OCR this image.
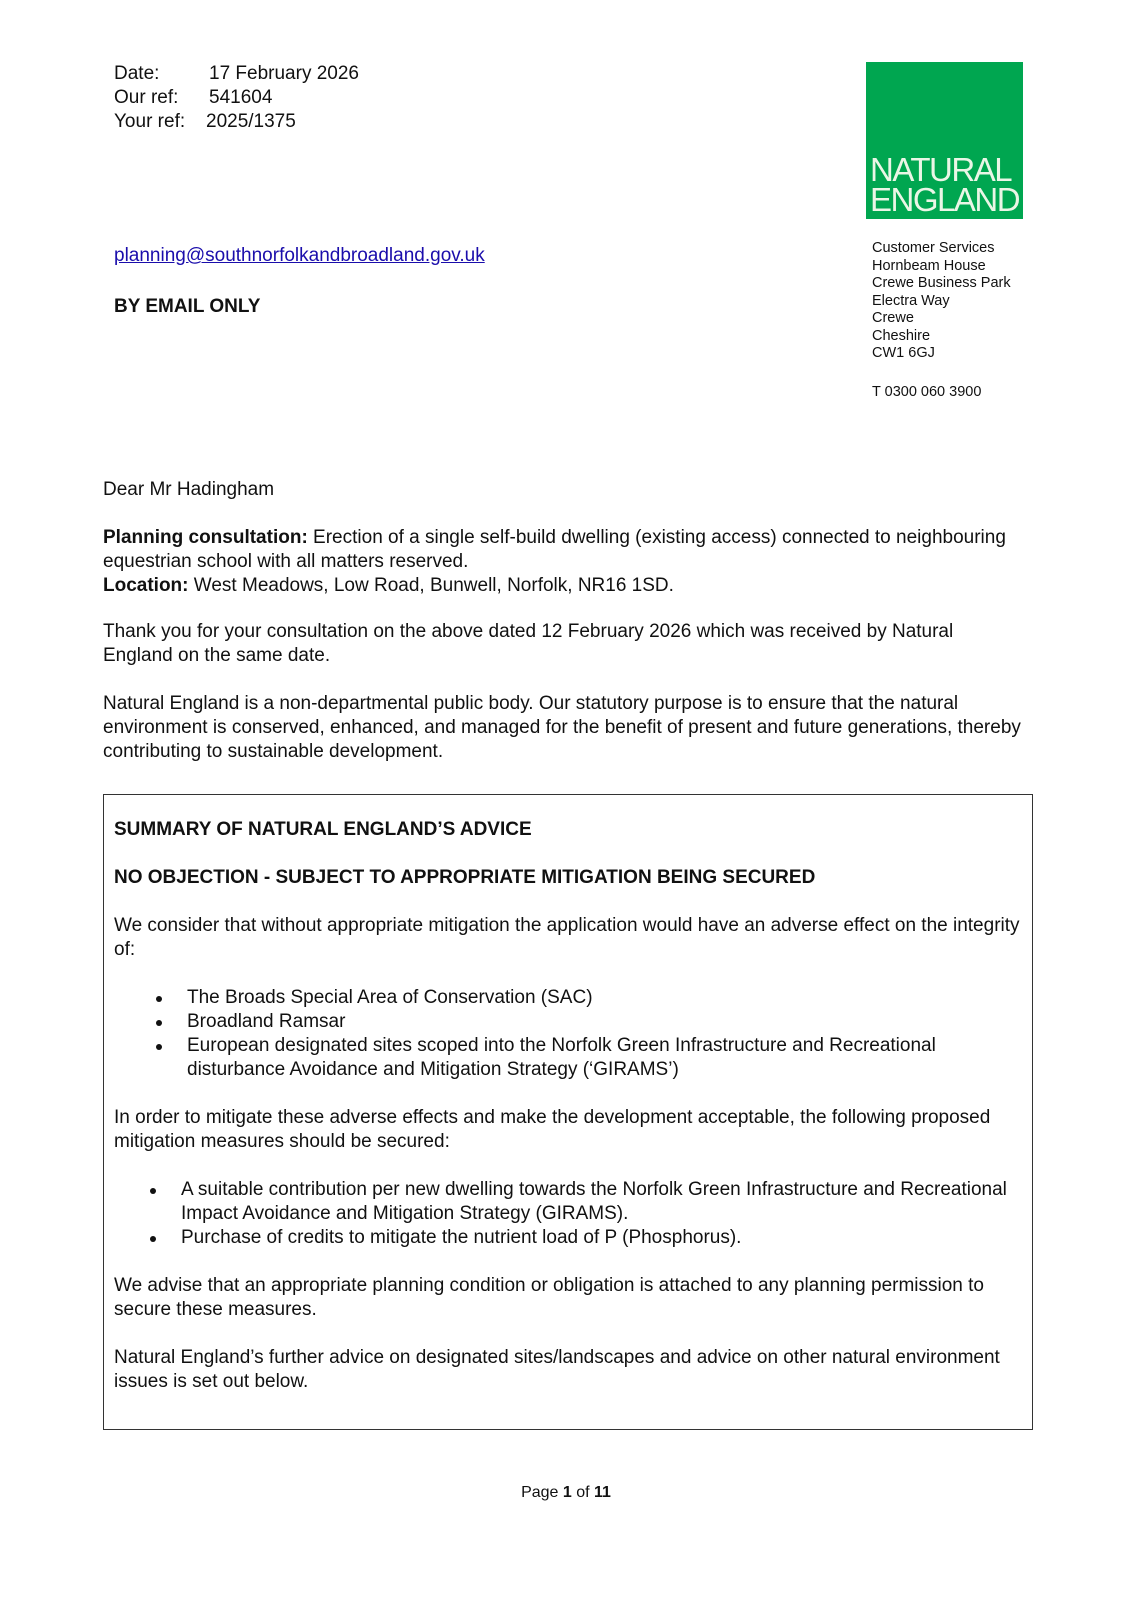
Date:	17 February 2026
Our ref:	541604
Your ref:	2025/1375
NATURAL
ENGLAND
Customer Services
Hornbeam House
Crewe Business Park
Electra Way
Crewe
Cheshire
CW1 6GJ
T 0300 060 3900
planning@southnorfolkandbroadland.gov.uk
BY EMAIL ONLY
Dear Mr Hadingham
Planning consultation: Erection of a single self-build dwelling (existing access) connected to neighbouring equestrian school with all matters reserved.
Location: West Meadows, Low Road, Bunwell, Norfolk, NR16 1SD.
Thank you for your consultation on the above dated 12 February 2026 which was received by Natural England on the same date.
Natural England is a non-departmental public body. Our statutory purpose is to ensure that the natural environment is conserved, enhanced, and managed for the benefit of present and future generations, thereby contributing to sustainable development.
SUMMARY OF NATURAL ENGLAND’S ADVICE
NO OBJECTION - SUBJECT TO APPROPRIATE MITIGATION BEING SECURED
We consider that without appropriate mitigation the application would have an adverse effect on the integrity of:
The Broads Special Area of Conservation (SAC)
Broadland Ramsar
European designated sites scoped into the Norfolk Green Infrastructure and Recreational disturbance Avoidance and Mitigation Strategy (‘GIRAMS’)
In order to mitigate these adverse effects and make the development acceptable, the following proposed mitigation measures should be secured:
A suitable contribution per new dwelling towards the Norfolk Green Infrastructure and Recreational Impact Avoidance and Mitigation Strategy (GIRAMS).
Purchase of credits to mitigate the nutrient load of P (Phosphorus).
We advise that an appropriate planning condition or obligation is attached to any planning permission to secure these measures.
Natural England’s further advice on designated sites/landscapes and advice on other natural environment issues is set out below.
Page 1 of 11
